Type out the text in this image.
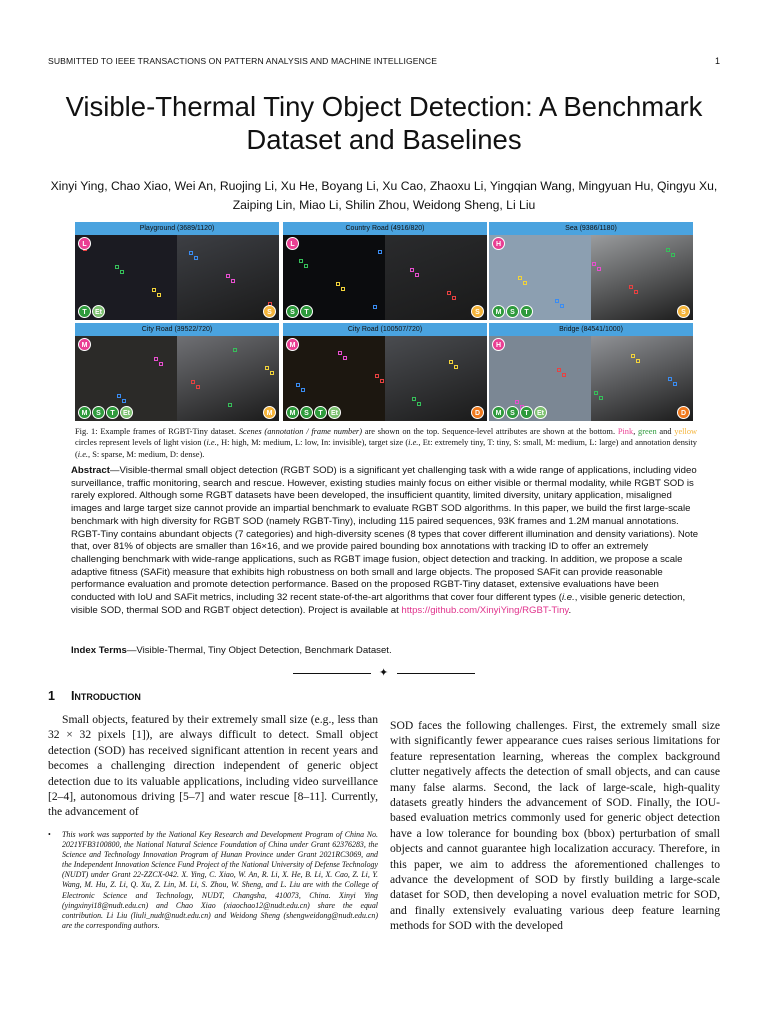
SUBMITTED TO IEEE TRANSACTIONS ON PATTERN ANALYSIS AND MACHINE INTELLIGENCE	1
Visible-Thermal Tiny Object Detection: A Benchmark Dataset and Baselines
Xinyi Ying, Chao Xiao, Wei An, Ruojing Li, Xu He, Boyang Li, Xu Cao, Zhaoxu Li, Yingqian Wang, Mingyuan Hu, Qingyu Xu, Zaiping Lin, Miao Li, Shilin Zhou, Weidong Sheng, Li Liu
Playground (3689/1120)
L
T	Et	S
Country Road (4916/820)
L
S	T	S
Sea (9386/1180)
H
M	S	T	S
City Road (39522/720)
M
M	S	T	Et	M
City Road (100507/720)
M
M	S	T	Et	D
Bridge (84541/1000)
H
M	S	T	Et	D
Fig. 1: Example frames of RGBT-Tiny dataset. Scenes (annotation / frame number) are shown on the top. Sequence-level attributes are shown at the bottom. Pink, green and yellow circles represent levels of light vision (i.e., H: high, M: medium, L: low, In: invisible), target size (i.e., Et: extremely tiny, T: tiny, S: small, M: medium, L: large) and annotation density (i.e., S: sparse, M: medium, D: dense).
Abstract—Visible-thermal small object detection (RGBT SOD) is a significant yet challenging task with a wide range of applications, including video surveillance, traffic monitoring, search and rescue. However, existing studies mainly focus on either visible or thermal modality, while RGBT SOD is rarely explored. Although some RGBT datasets have been developed, the insufficient quantity, limited diversity, unitary application, misaligned images and large target size cannot provide an impartial benchmark to evaluate RGBT SOD algorithms. In this paper, we build the first large-scale benchmark with high diversity for RGBT SOD (namely RGBT-Tiny), including 115 paired sequences, 93K frames and 1.2M manual annotations. RGBT-Tiny contains abundant objects (7 categories) and high-diversity scenes (8 types that cover different illumination and density variations). Note that, over 81% of objects are smaller than 16×16, and we provide paired bounding box annotations with tracking ID to offer an extremely challenging benchmark with wide-range applications, such as RGBT image fusion, object detection and tracking. In addition, we propose a scale adaptive fitness (SAFit) measure that exhibits high robustness on both small and large objects. The proposed SAFit can provide reasonable performance evaluation and promote detection performance. Based on the proposed RGBT-Tiny dataset, extensive evaluations have been conducted with IoU and SAFit metrics, including 32 recent state-of-the-art algorithms that cover four different types (i.e., visible generic detection, visible SOD, thermal SOD and RGBT object detection). Project is available at https://github.com/XinyiYing/RGBT-Tiny.
Index Terms—Visible-Thermal, Tiny Object Detection, Benchmark Dataset.
✦
1 Introduction

Small objects, featured by their extremely small size (e.g., less than 32 × 32 pixels [1]), are always difficult to detect. Small object detection (SOD) has received significant attention in recent years and becomes a challenging direction independent of generic object detection due to its valuable applications, including video surveillance [2–4], autonomous driving [5–7] and water rescue [8–11]. Currently, the advancement of

SOD faces the following challenges. First, the extremely small size with significantly fewer appearance cues raises serious limitations for feature representation learning, whereas the complex background clutter negatively affects the detection of small objects, and can cause many false alarms. Second, the lack of large-scale, high-quality datasets greatly hinders the advancement of SOD. Finally, the IOU-based evaluation metrics commonly used for generic object detection have a low tolerance for bounding box (bbox) perturbation of small objects and cannot guarantee high localization accuracy. Therefore, in this paper, we aim to address the aforementioned challenges to advance the development of SOD by firstly building a large-scale dataset for SOD, then developing a novel evaluation metric for SOD, and finally extensively evaluating various deep feature learning methods for SOD with the developed

• This work was supported by the National Key Research and Development Program of China No. 2021YFB3100800, the National Natural Science Foundation of China under Grant 62376283, the Science and Technology Innovation Program of Hunan Province under Grant 2021RC3069, and the Independent Innovation Science Fund Project of the National University of Defense Technology (NUDT) under Grant 22-ZZCX-042. X. Ying, C. Xiao, W. An, R. Li, X. He, B. Li, X. Cao, Z. Li, Y. Wang, M. Hu, Z. Li, Q. Xu, Z. Lin, M. Li, S. Zhou, W. Sheng, and L. Liu are with the College of Electronic Science and Technology, NUDT, Changsha, 410073, China. Xinyi Ying (yingxinyi18@nudt.edu.cn) and Chao Xiao (xiaochao12@nudt.edu.cn) share the equal contribution. Li Liu (liuli_nudt@nudt.edu.cn) and Weidong Sheng (shengweidong@nudt.edu.cn) are the corresponding authors.
